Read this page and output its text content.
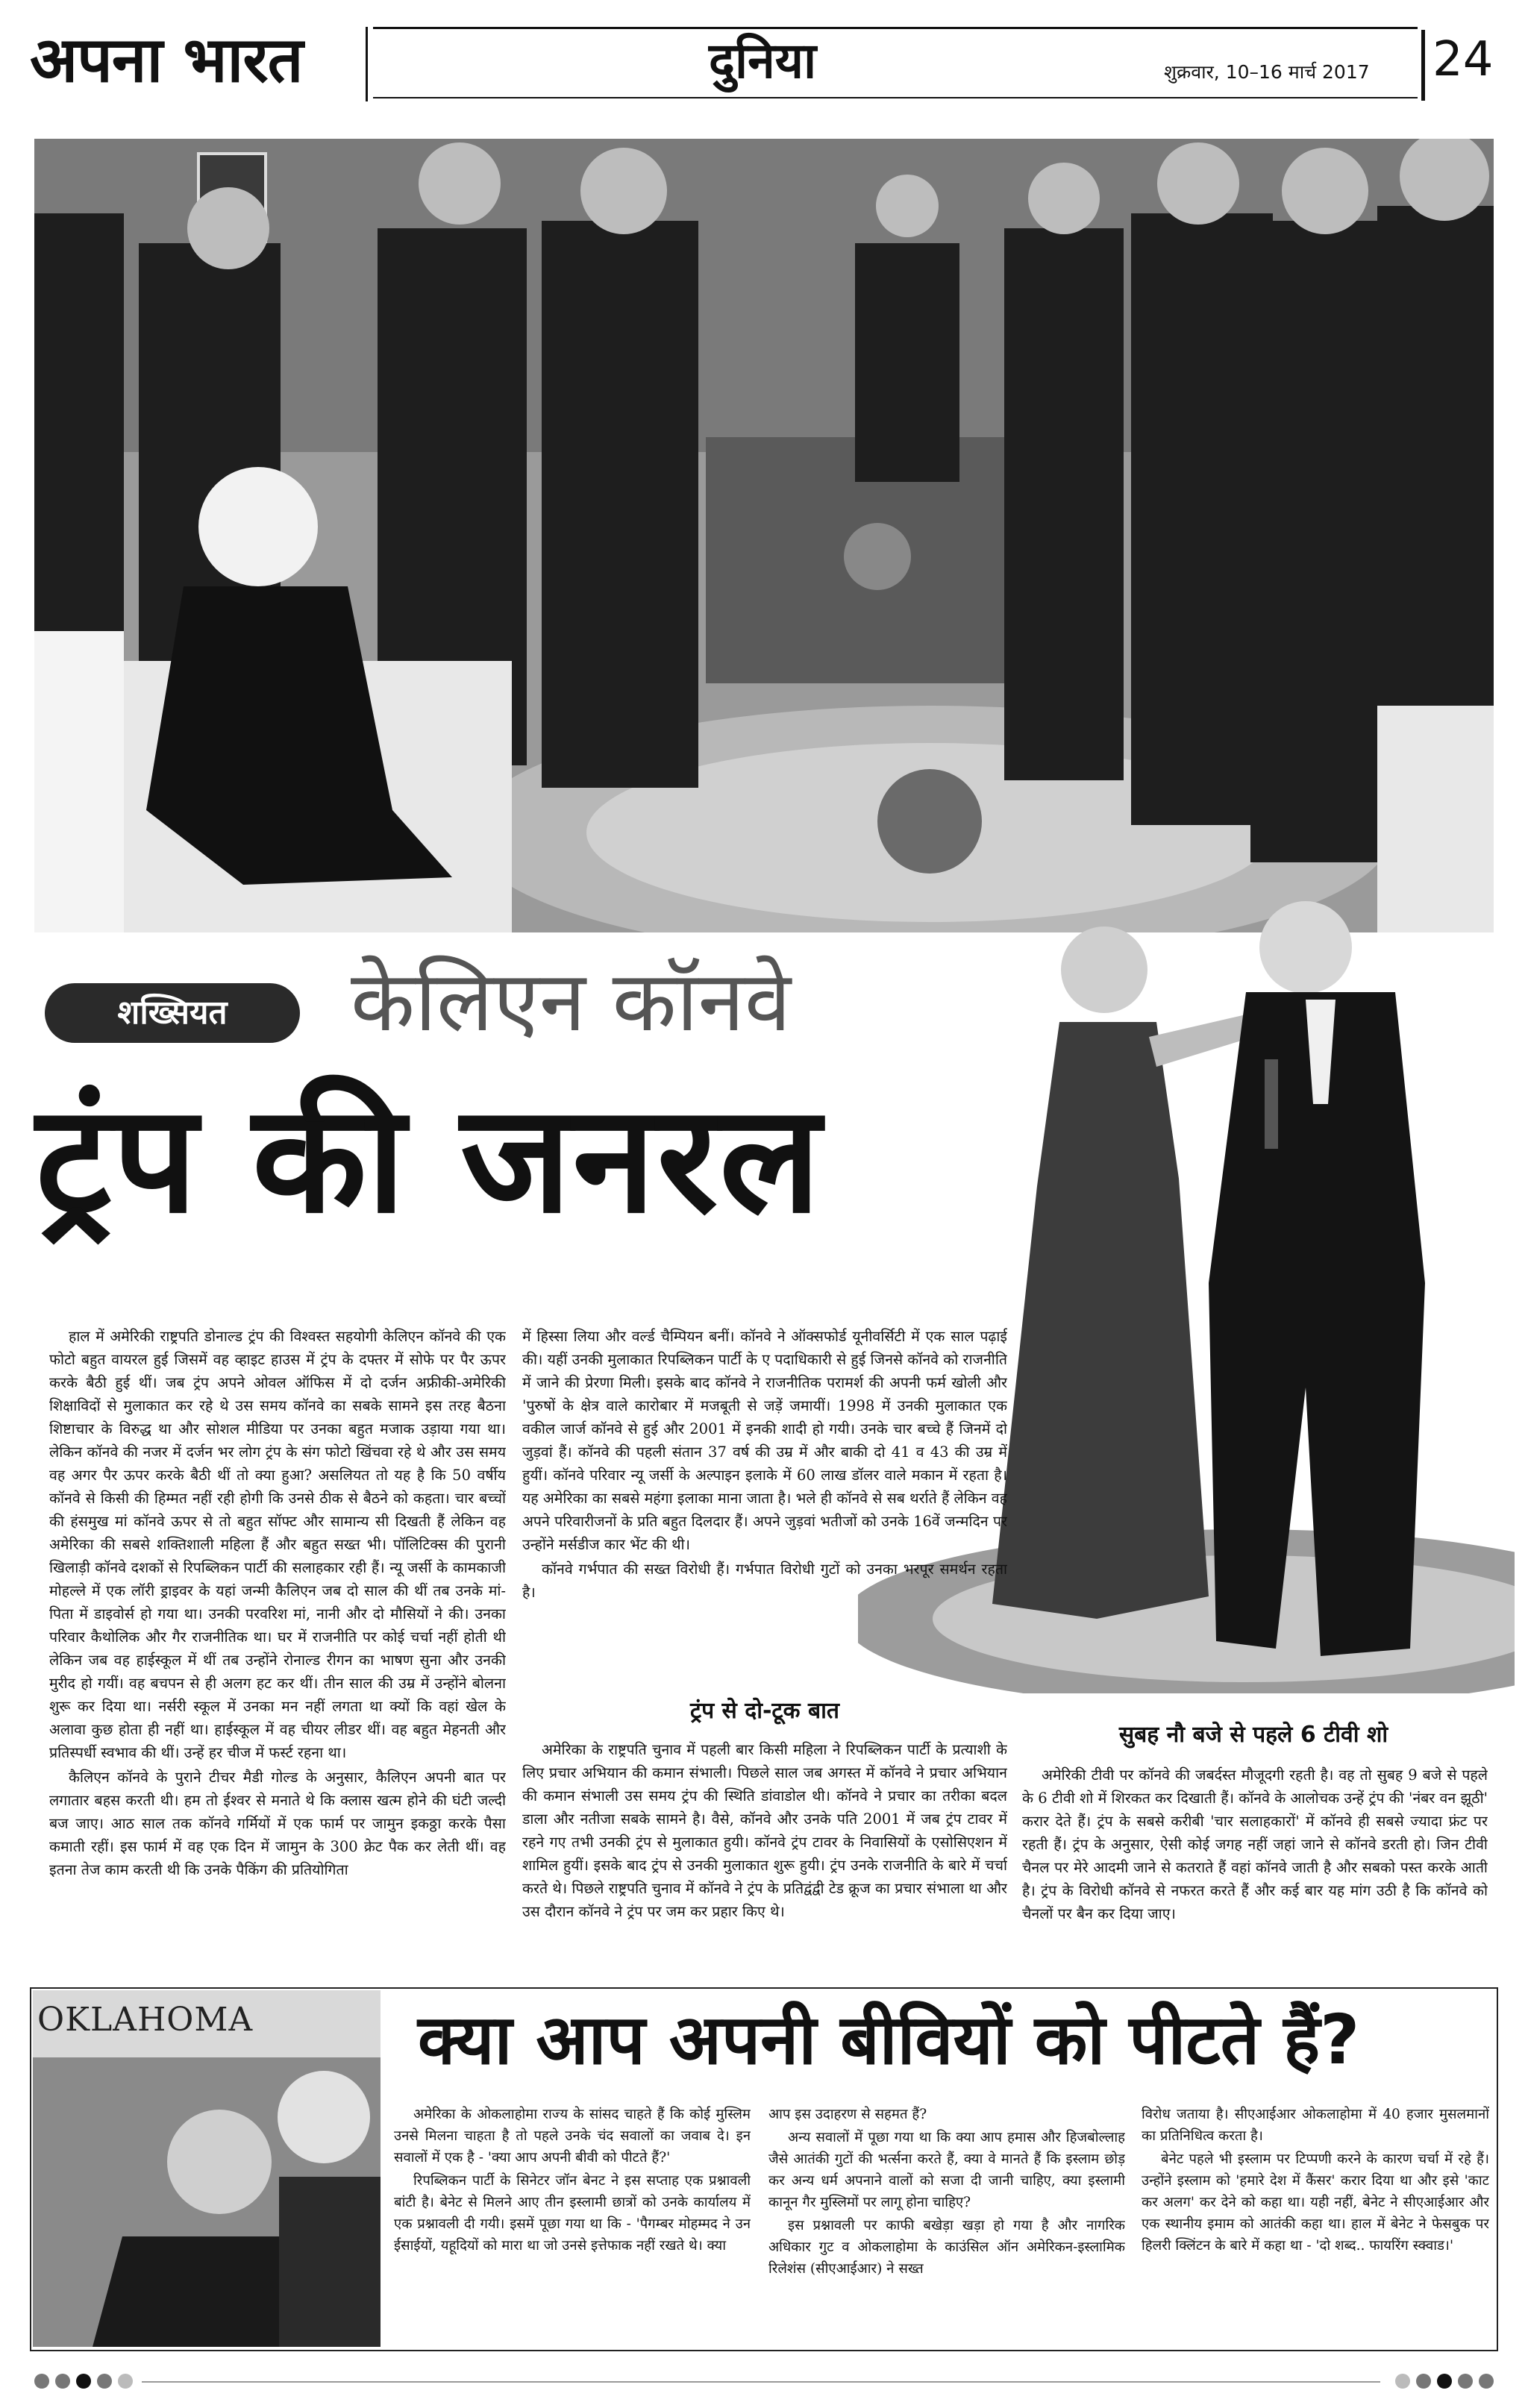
अपना भारत	दुनिया	शुक्रवार, 10–16 मार्च 2017 24
शख्सियत	केलिएन कॉनवे
ट्रंप की जनरल

हाल में अमेरिकी राष्ट्रपति डोनाल्ड ट्रंप की विश्वस्त सहयोगी केलिएन कॉनवे की एक फोटो बहुत वायरल हुई जिसमें वह व्हाइट हाउस में ट्रंप के दफ्तर में सोफे पर पैर ऊपर करके बैठी हुई थीं। जब ट्रंप अपने ओवल ऑफिस में दो दर्जन अफ्रीकी-अमेरिकी शिक्षाविदों से मुलाकात कर रहे थे उस समय कॉनवे का सबके सामने इस तरह बैठना शिष्टाचार के विरुद्ध था और सोशल मीडिया पर उनका बहुत मजाक उड़ाया गया था। लेकिन कॉनवे की नजर में दर्जन भर लोग ट्रंप के संग फोटो खिंचवा रहे थे और उस समय वह अगर पैर ऊपर करके बैठी थीं तो क्या हुआ? असलियत तो यह है कि 50 वर्षीय कॉनवे से किसी की हिम्मत नहीं रही होगी कि उनसे ठीक से बैठने को कहता। चार बच्चों की हंसमुख मां कॉनवे ऊपर से तो बहुत सॉफ्ट और सामान्य सी दिखती हैं लेकिन वह अमेरिका की सबसे शक्तिशाली महिला हैं और बहुत सख्त भी। पॉलिटिक्स की पुरानी खिलाड़ी कॉनवे दशकों से रिपब्लिकन पार्टी की सलाहकार रही हैं। न्यू जर्सी के कामकाजी मोहल्ले में एक लॉरी ड्राइवर के यहां जन्मी कैलिएन जब दो साल की थीं तब उनके मां-पिता में डाइवोर्स हो गया था। उनकी परवरिश मां, नानी और दो मौसियों ने की। उनका परिवार कैथोलिक और गैर राजनीतिक था। घर में राजनीति पर कोई चर्चा नहीं होती थी लेकिन जब वह हाईस्कूल में थीं तब उन्होंने रोनाल्ड रीगन का भाषण सुना और उनकी मुरीद हो गयीं। वह बचपन से ही अलग हट कर थीं। तीन साल की उम्र में उन्होंने बोलना शुरू कर दिया था। नर्सरी स्कूल में उनका मन नहीं लगता था क्यों कि वहां खेल के अलावा कुछ होता ही नहीं था। हाईस्कूल में वह चीयर लीडर थीं। वह बहुत मेहनती और प्रतिस्पर्धी स्वभाव की थीं। उन्हें हर चीज में फर्स्ट रहना था।

कैलिएन कॉनवे के पुराने टीचर मैडी गोल्ड के अनुसार, कैलिएन अपनी बात पर लगातार बहस करती थी। हम तो ईश्वर से मनाते थे कि क्लास खत्म होने की घंटी जल्दी बज जाए। आठ साल तक कॉनवे गर्मियों में एक फार्म पर जामुन इकठ्ठा करके पैसा कमाती रहीं। इस फार्म में वह एक दिन में जामुन के 300 क्रेट पैक कर लेती थीं। वह इतना तेज काम करती थी कि उनके पैकिंग की प्रतियोगिता

में हिस्सा लिया और वर्ल्ड चैम्पियन बनीं। कॉनवे ने ऑक्सफोर्ड यूनीवर्सिटी में एक साल पढ़ाई की। यहीं उनकी मुलाकात रिपब्लिकन पार्टी के ए पदाधिकारी से हुई जिनसे कॉनवे को राजनीति में जाने की प्रेरणा मिली। इसके बाद कॉनवे ने राजनीतिक परामर्श की अपनी फर्म खोली और 'पुरुषों के क्षेत्र वाले कारोबार में मजबूती से जड़ें जमायीं। 1998 में उनकी मुलाकात एक वकील जार्ज कॉनवे से हुई और 2001 में इनकी शादी हो गयी। उनके चार बच्चे हैं जिनमें दो जुड़वां हैं। कॉनवे की पहली संतान 37 वर्ष की उम्र में और बाकी दो 41 व 43 की उम्र में हुयीं। कॉनवे परिवार न्यू जर्सी के अल्पाइन इलाके में 60 लाख डॉलर वाले मकान में रहता है। यह अमेरिका का सबसे महंगा इलाका माना जाता है। भले ही कॉनवे से सब थर्राते हैं लेकिन वह अपने परिवारीजनों के प्रति बहुत दिलदार हैं। अपने जुड़वां भतीजों को उनके 16वें जन्मदिन पर उन्होंने मर्सडीज कार भेंट की थी।

कॉनवे गर्भपात की सख्त विरोधी हैं। गर्भपात विरोधी गुटों को उनका भरपूर समर्थन रहता है।

ट्रंप से दो-टूक बात

अमेरिका के राष्ट्रपति चुनाव में पहली बार किसी महिला ने रिपब्लिकन पार्टी के प्रत्याशी के लिए प्रचार अभियान की कमान संभाली। पिछले साल जब अगस्त में कॉनवे ने प्रचार अभियान की कमान संभाली उस समय ट्रंप की स्थिति डांवाडोल थी। कॉनवे ने प्रचार का तरीका बदल डाला और नतीजा सबके सामने है। वैसे, कॉनवे और उनके पति 2001 में जब ट्रंप टावर में रहने गए तभी उनकी ट्रंप से मुलाकात हुयी। कॉनवे ट्रंप टावर के निवासियों के एसोसिएशन में शामिल हुयीं। इसके बाद ट्रंप से उनकी मुलाकात शुरू हुयी। ट्रंप उनके राजनीति के बारे में चर्चा करते थे। पिछले राष्ट्रपति चुनाव में कॉनवे ने ट्रंप के प्रतिद्वंद्वी टेड क्रूज का प्रचार संभाला था और उस दौरान कॉनवे ने ट्रंप पर जम कर प्रहार किए थे।

सुबह नौ बजे से पहले 6 टीवी शो

अमेरिकी टीवी पर कॉनवे की जबर्दस्त मौजूदगी रहती है। वह तो सुबह 9 बजे से पहले के 6 टीवी शो में शिरकत कर दिखाती हैं। कॉनवे के आलोचक उन्हें ट्रंप की 'नंबर वन झूठी' करार देते हैं। ट्रंप के सबसे करीबी 'चार सलाहकारों' में कॉनवे ही सबसे ज्यादा फ्रंट पर रहती हैं। ट्रंप के अनुसार, ऐसी कोई जगह नहीं जहां जाने से कॉनवे डरती हो। जिन टीवी चैनल पर मेरे आदमी जाने से कतराते हैं वहां कॉनवे जाती है और सबको पस्त करके आती है। ट्रंप के विरोधी कॉनवे से नफरत करते हैं और कई बार यह मांग उठी है कि कॉनवे को चैनलों पर बैन कर दिया जाए।

OKLAHOMA क्या आप अपनी बीवियों को पीटते हैं?

अमेरिका के ओकलाहोमा राज्य के सांसद चाहते हैं कि कोई मुस्लिम उनसे मिलना चाहता है तो पहले उनके चंद सवालों का जवाब दे। इन सवालों में एक है - 'क्या आप अपनी बीवी को पीटते हैं?'

रिपब्लिकन पार्टी के सिनेटर जॉन बेनट ने इस सप्ताह एक प्रश्नावली बांटी है। बेनेट से मिलने आए तीन इस्लामी छात्रों को उनके कार्यालय में एक प्रश्नावली दी गयी। इसमें पूछा गया था कि - 'पैगम्बर मोहम्मद ने उन ईसाईयों, यहूदियों को मारा था जो उनसे इत्तेफाक नहीं रखते थे। क्या

आप इस उदाहरण से सहमत हैं?

अन्य सवालों में पूछा गया था कि क्या आप हमास और हिजबोल्लाह जैसे आतंकी गुटों की भर्त्सना करते हैं, क्या वे मानते हैं कि इस्लाम छोड़ कर अन्य धर्म अपनाने वालों को सजा दी जानी चाहिए, क्या इस्लामी कानून गैर मुस्लिमों पर लागू होना चाहिए?

इस प्रश्नावली पर काफी बखेड़ा खड़ा हो गया है और नागरिक अधिकार गुट व ओकलाहोमा के काउंसिल ऑन अमेरिकन-इस्लामिक रिलेशंस (सीएआईआर) ने सख्त

विरोध जताया है। सीएआईआर ओकलाहोमा में 40 हजार मुसलमानों का प्रतिनिधित्व करता है।

बेनेट पहले भी इस्लाम पर टिप्पणी करने के कारण चर्चा में रहे हैं। उन्होंने इस्लाम को 'हमारे देश में कैंसर' करार दिया था और इसे 'काट कर अलग' कर देने को कहा था। यही नहीं, बेनेट ने सीएआईआर और एक स्थानीय इमाम को आतंकी कहा था। हाल में बेनेट ने फेसबुक पर हिलरी क्लिंटन के बारे में कहा था - 'दो शब्द.. फायरिंग स्क्वाड।'
